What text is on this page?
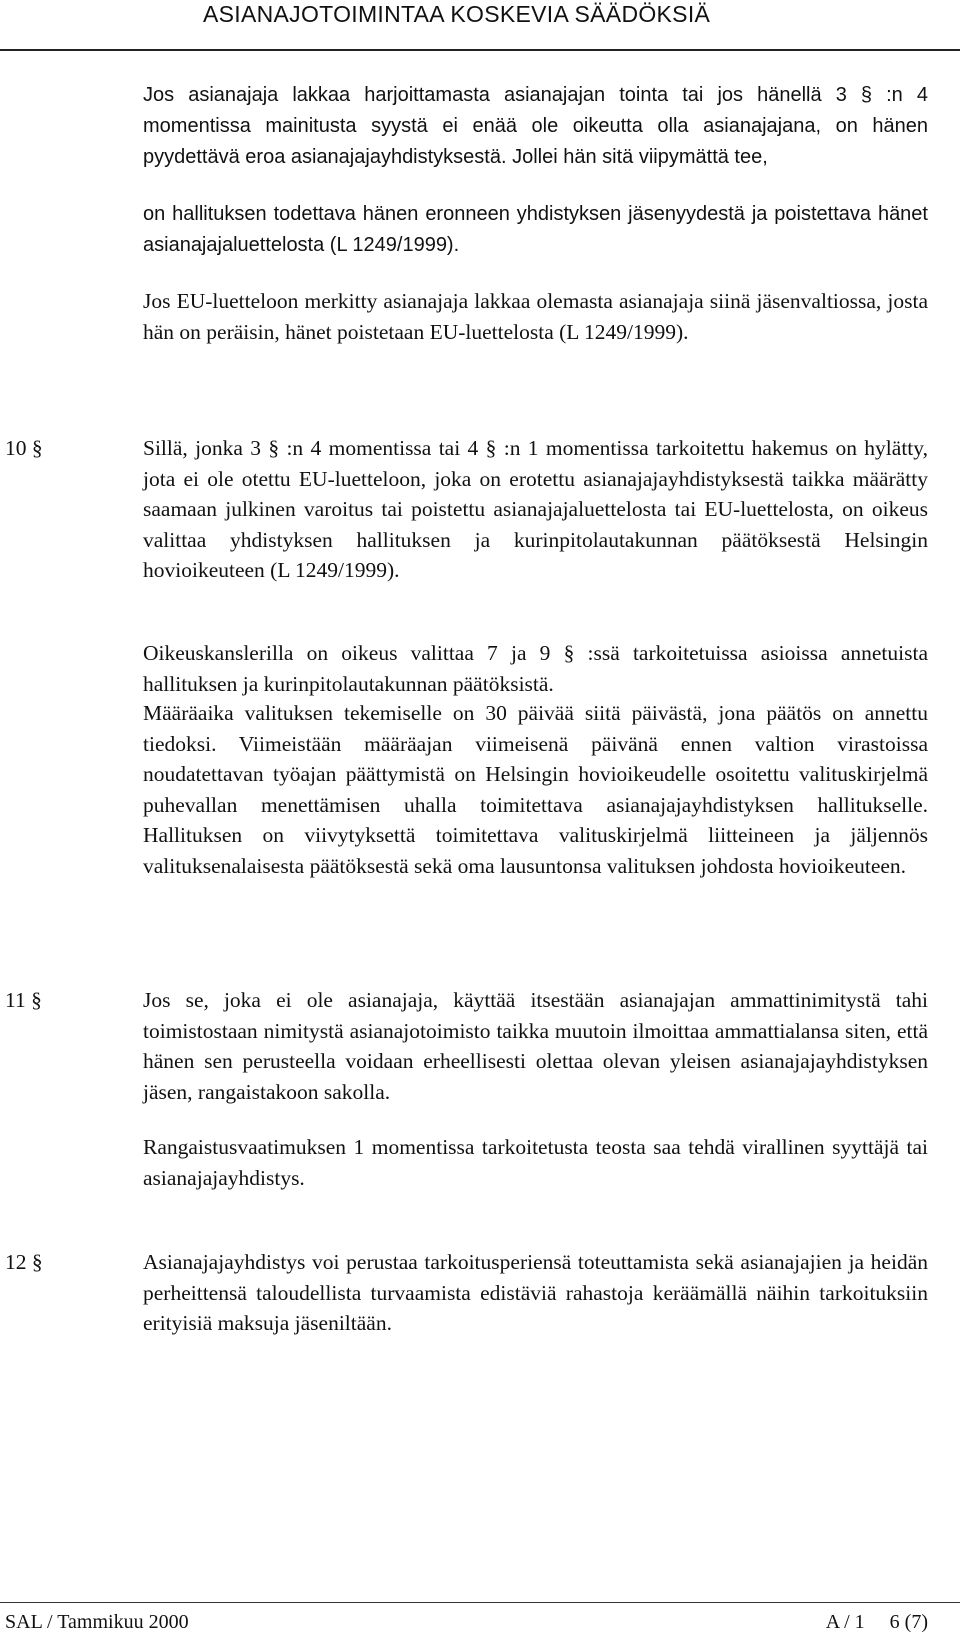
ASIANAJOTOIMINTAA KOSKEVIA SÄÄDÖKSIÄ
Jos asianajaja lakkaa harjoittamasta asianajajan tointa tai jos hänellä 3 § :n 4 momentissa mainitusta syystä ei enää ole oikeutta olla asianajajana, on hänen pyydettävä eroa asianajajayhdistyksestä. Jollei hän sitä viipymättä tee,
on hallituksen todettava hänen eronneen yhdistyksen jäsenyydestä ja poistettava hänet asianajajaluettelosta (L 1249/1999).
Jos EU-luetteloon merkitty asianajaja lakkaa olemasta asianajaja siinä jäsenvaltiossa, josta hän on peräisin, hänet poistetaan EU-luettelosta (L 1249/1999).
10 §	Sillä, jonka 3 § :n 4 momentissa tai 4 § :n 1 momentissa tarkoitettu hakemus on hylätty, jota ei ole otettu EU-luetteloon, joka on erotettu asianajajayhdistyksestä taikka määrätty saamaan julkinen varoitus tai poistettu asianajajaluettelosta tai EU-luettelosta, on oikeus valittaa yhdistyksen hallituksen ja kurinpitolautakunnan päätöksestä Helsingin hovioikeuteen (L 1249/1999).
Oikeuskanslerilla on oikeus valittaa 7 ja 9 § :ssä tarkoitetuissa asioissa annetuista hallituksen ja kurinpitolautakunnan päätöksistä.
Määräaika valituksen tekemiselle on 30 päivää siitä päivästä, jona päätös on annettu tiedoksi. Viimeistään määräajan viimeisenä päivänä ennen valtion virastoissa noudatettavan työajan päättymistä on Helsingin hovioikeudelle osoitettu valituskirjelmä puhevallan menettämisen uhalla toimitettava asianajajayhdistyksen hallitukselle. Hallituksen on viivytyksettä toimitettava valituskirjelmä liitteineen ja jäljennös valituksenalaisesta päätöksestä sekä oma lausuntonsa valituksen johdosta hovioikeuteen.
11 §	Jos se, joka ei ole asianajaja, käyttää itsestään asianajajan ammattinimitystä tahi toimistostaan nimitystä asianajotoimisto taikka muutoin ilmoittaa ammattialansa siten, että hänen sen perusteella voidaan erheellisesti olettaa olevan yleisen asianajajayhdistyksen jäsen, rangaistakoon sakolla.
Rangaistusvaatimuksen 1 momentissa tarkoitetusta teosta saa tehdä virallinen syyttäjä tai asianajajayhdistys.
12 §	Asianajajayhdistys voi perustaa tarkoitusperiensä toteuttamista sekä asianajajien ja heidän perheittensä taloudellista turvaamista edistäviä rahastoja keräämällä näihin tarkoituksiin erityisiä maksuja jäseniltään.
SAL / Tammikuu 2000	A / 1     6 (7)
